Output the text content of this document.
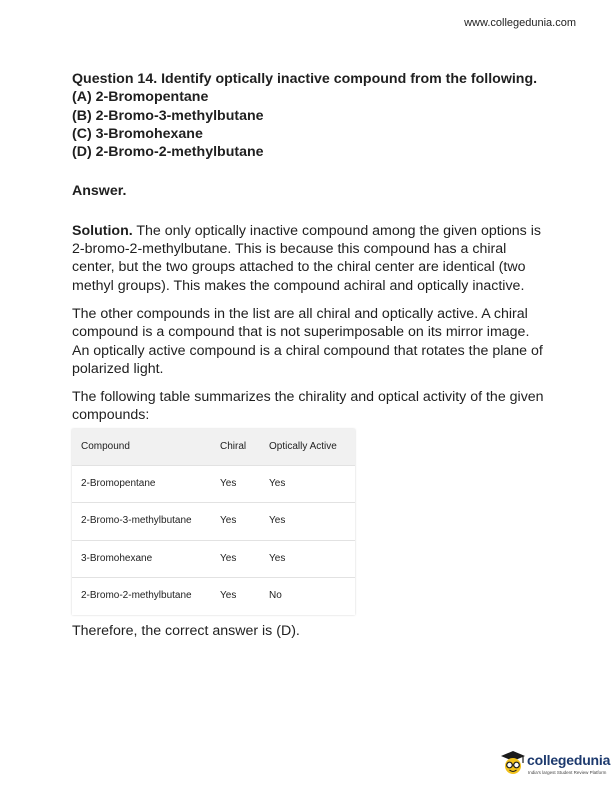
www.collegedunia.com
Question 14. Identify optically inactive compound from the following.
(A) 2-Bromopentane
(B) 2-Bromo-3-methylbutane
(C) 3-Bromohexane
(D) 2-Bromo-2-methylbutane
Answer.

Solution. The only optically inactive compound among the given options is 2-bromo-2-methylbutane. This is because this compound has a chiral center, but the two groups attached to the chiral center are identical (two methyl groups). This makes the compound achiral and optically inactive.

The other compounds in the list are all chiral and optically active. A chiral compound is a compound that is not superimposable on its mirror image. An optically active compound is a chiral compound that rotates the plane of polarized light.

The following table summarizes the chirality and optical activity of the given compounds:

Compound	Chiral	Optically Active
2-Bromopentane	Yes	Yes
2-Bromo-3-methylbutane	Yes	Yes
3-Bromohexane	Yes	Yes
2-Bromo-2-methylbutane	Yes	No

Therefore, the correct answer is (D).

collegedunia
India's largest Student Review Platform
